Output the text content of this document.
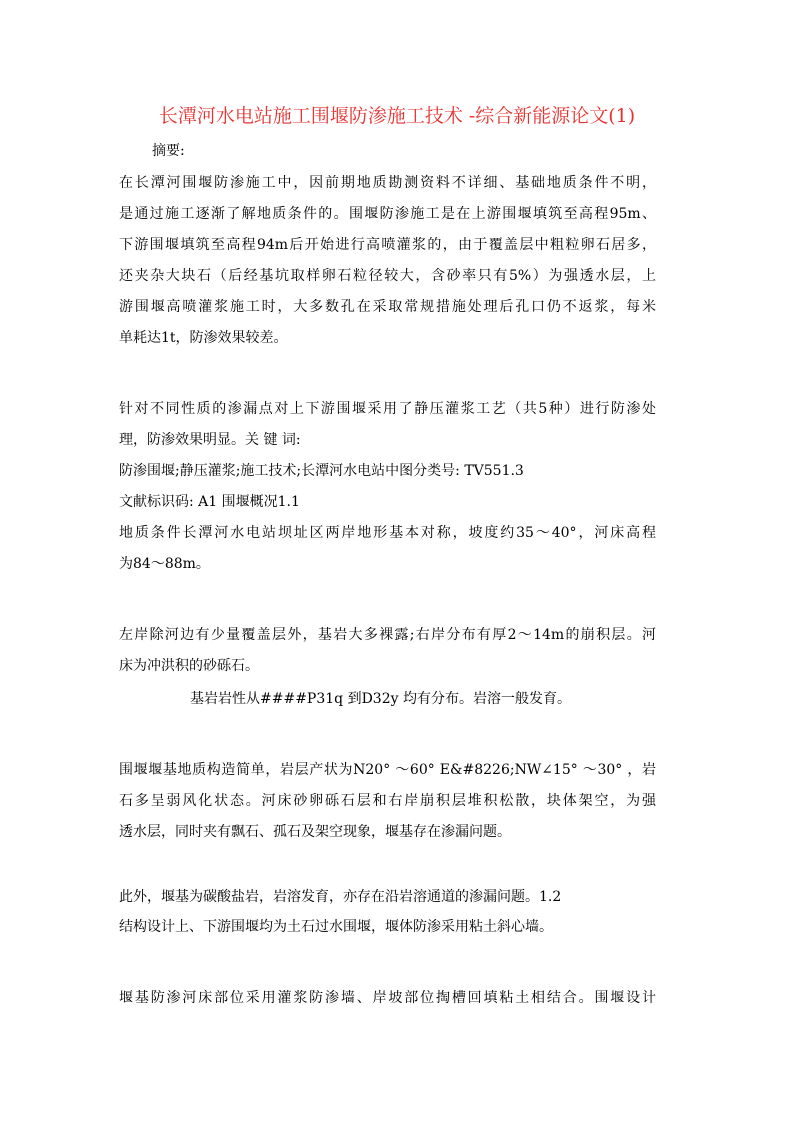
长潭河水电站施工围堰防渗施工技术 -综合新能源论文(1)
摘要:
在长潭河围堰防渗施工中，因前期地质勘测资料不详细、基础地质条件不明，
是通过施工逐渐了解地质条件的。围堰防渗施工是在上游围堰填筑至高程95m、
下游围堰填筑至高程94m后开始进行高喷灌浆的，由于覆盖层中粗粒卵石居多，
还夹杂大块石（后经基坑取样卵石粒径较大，含砂率只有5%）为强透水层，上
游围堰高喷灌浆施工时，大多数孔在采取常规措施处理后孔口仍不返浆，每米
单耗达1t，防渗效果较差。
针对不同性质的渗漏点对上下游围堰采用了静压灌浆工艺（共5种）进行防渗处
理，防渗效果明显。关 键 词:
防渗围堰;静压灌浆;施工技术;长潭河水电站中图分类号: TV551.3
文献标识码: A1 围堰概况1.1
地质条件长潭河水电站坝址区两岸地形基本对称，坡度约35～40°，河床高程
为84～88m。
左岸除河边有少量覆盖层外，基岩大多裸露;右岸分布有厚2～14m的崩积层。河
床为冲洪积的砂砾石。
基岩岩性从####P31q 到D32y 均有分布。岩溶一般发育。
围堰堰基地质构造简单，岩层产状为N20° ～60° E&#8226;NW∠15° ～30° ，岩
石多呈弱风化状态。河床砂卵砾石层和右岸崩积层堆积松散，块体架空，为强
透水层，同时夹有飘石、孤石及架空现象，堰基存在渗漏问题。
此外，堰基为碳酸盐岩，岩溶发育，亦存在沿岩溶通道的渗漏问题。1.2
结构设计上、下游围堰均为土石过水围堰，堰体防渗采用粘土斜心墙。
堰基防渗河床部位采用灌浆防渗墙、岸坡部位掏槽回填粘土相结合。围堰设计
